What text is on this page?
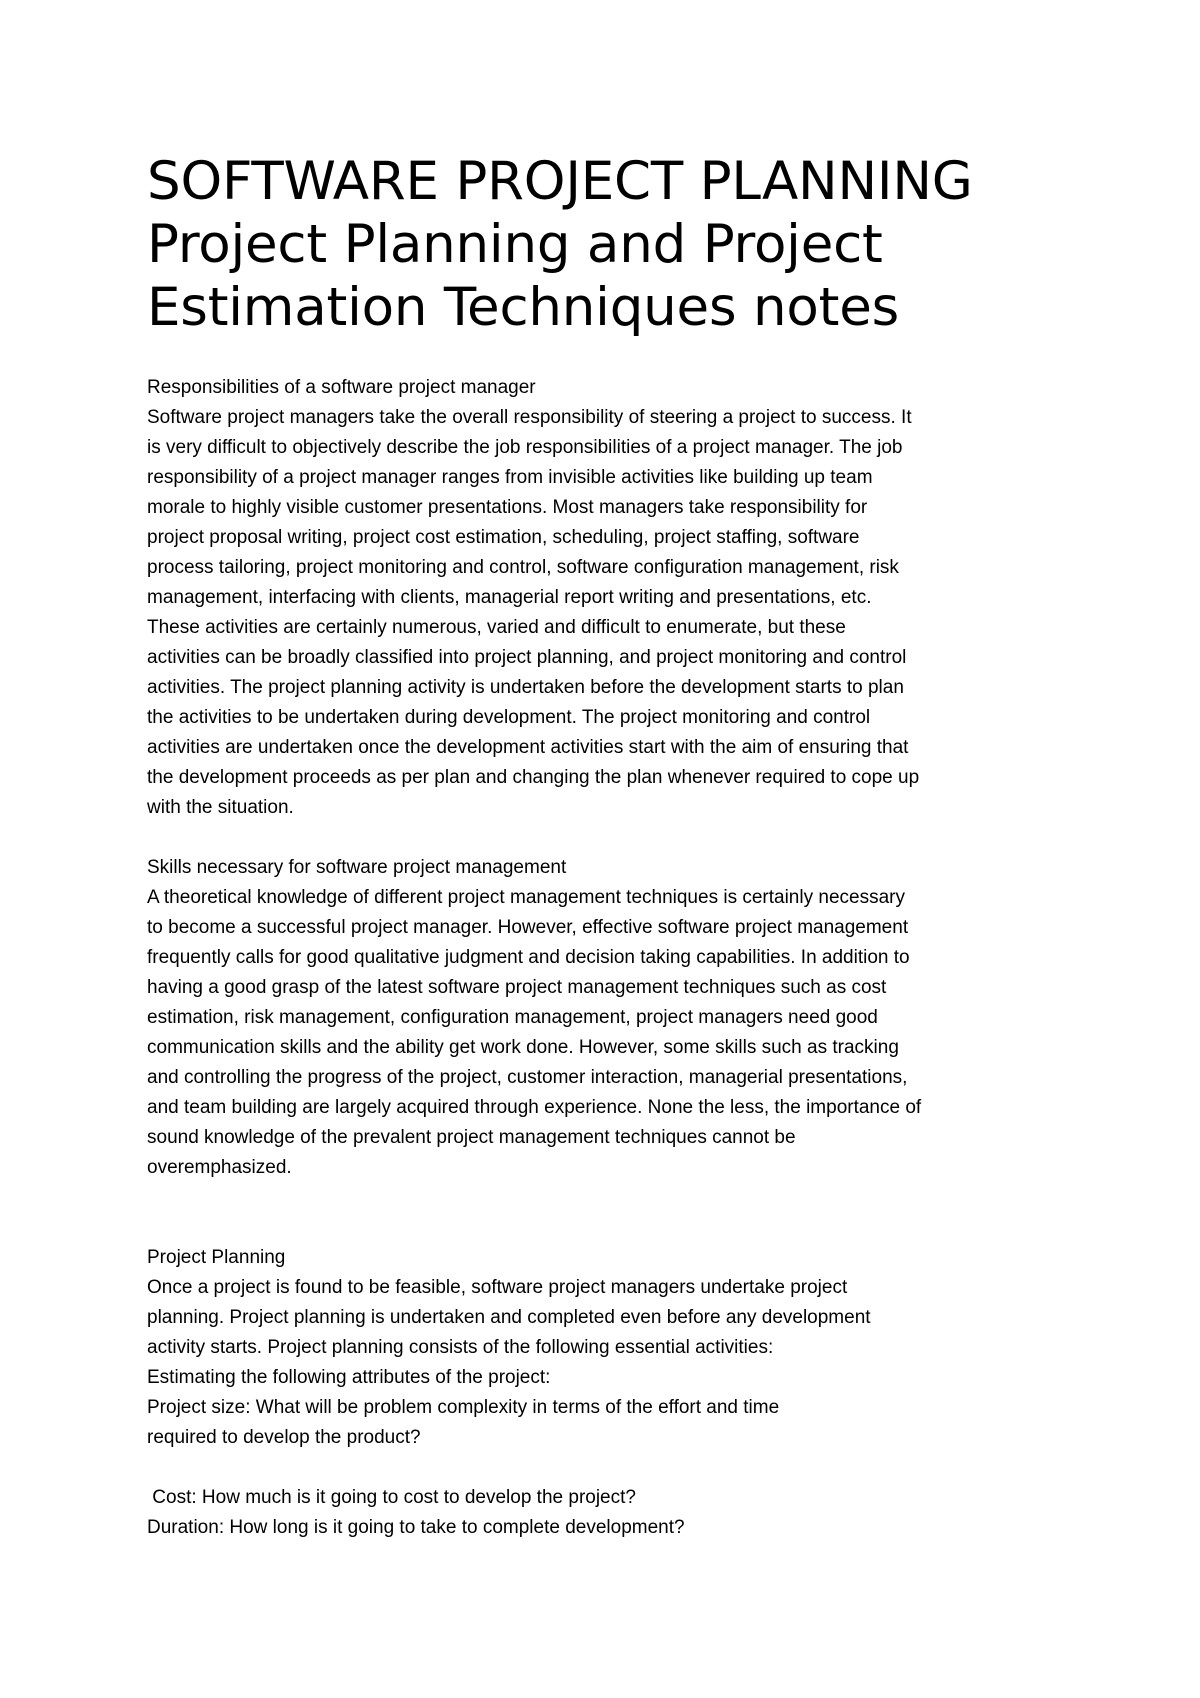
SOFTWARE PROJECT PLANNING
Project Planning and Project
Estimation Techniques notes

Responsibilities of a software project manager

Software project managers take the overall responsibility of steering a project to success. It
is very difficult to objectively describe the job responsibilities of a project manager. The job
responsibility of a project manager ranges from invisible activities like building up team
morale to highly visible customer presentations. Most managers take responsibility for
project proposal writing, project cost estimation, scheduling, project staffing, software
process tailoring, project monitoring and control, software configuration management, risk
management, interfacing with clients, managerial report writing and presentations, etc.
These activities are certainly numerous, varied and difficult to enumerate, but these
activities can be broadly classified into project planning, and project monitoring and control
activities. The project planning activity is undertaken before the development starts to plan
the activities to be undertaken during development. The project monitoring and control
activities are undertaken once the development activities start with the aim of ensuring that
the development proceeds as per plan and changing the plan whenever required to cope up
with the situation.

Skills necessary for software project management

A theoretical knowledge of different project management techniques is certainly necessary
to become a successful project manager. However, effective software project management
frequently calls for good qualitative judgment and decision taking capabilities. In addition to
having a good grasp of the latest software project management techniques such as cost
estimation, risk management, configuration management, project managers need good
communication skills and the ability get work done. However, some skills such as tracking
and controlling the progress of the project, customer interaction, managerial presentations,
and team building are largely acquired through experience. None the less, the importance of
sound knowledge of the prevalent project management techniques cannot be
overemphasized.

Project Planning

Once a project is found to be feasible, software project managers undertake project
planning. Project planning is undertaken and completed even before any development
activity starts. Project planning consists of the following essential activities:
Estimating the following attributes of the project:
Project size: What will be problem complexity in terms of the effort and time
required to develop the product?
Cost: How much is it going to cost to develop the project?
Duration: How long is it going to take to complete development?
